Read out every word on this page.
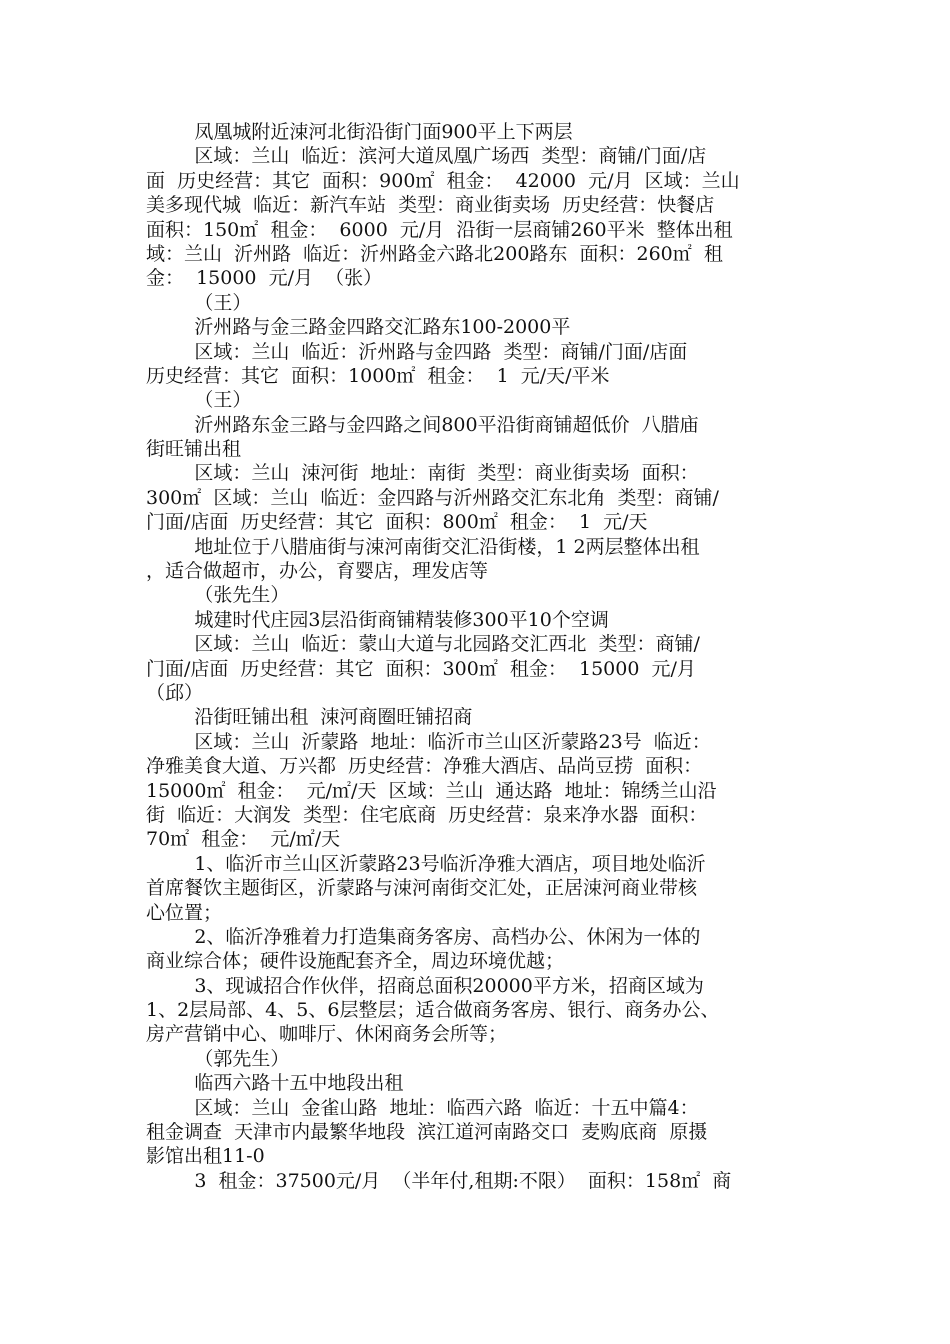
凤凰城附近涑河北街沿街门面900平上下两层
区域：兰山  临近：滨河大道凤凰广场西  类型：商铺/门面/店
面  历史经营：其它  面积：900㎡  租金：  42000  元/月  区域：兰山
美多现代城  临近：新汽车站  类型：商业街卖场  历史经营：快餐店
面积：150㎡  租金：  6000  元/月  沿街一层商铺260平米  整体出租
域：兰山  沂州路  临近：沂州路金六路北200路东  面积：260㎡  租
金：  15000  元/月  （张）
（王）
沂州路与金三路金四路交汇路东100-2000平
区域：兰山  临近：沂州路与金四路  类型：商铺/门面/店面
历史经营：其它  面积：1000㎡  租金：  1  元/天/平米
（王）
沂州路东金三路与金四路之间800平沿街商铺超低价  八腊庙
街旺铺出租
区域：兰山  涑河街  地址：南街  类型：商业街卖场  面积：
300㎡  区域：兰山  临近：金四路与沂州路交汇东北角  类型：商铺/
门面/店面  历史经营：其它  面积：800㎡  租金：  1  元/天
地址位于八腊庙街与涑河南街交汇沿街楼，1 2两层整体出租
，适合做超市，办公，育婴店，理发店等
（张先生）
城建时代庄园3层沿街商铺精装修300平10个空调
区域：兰山  临近：蒙山大道与北园路交汇西北  类型：商铺/
门面/店面  历史经营：其它  面积：300㎡  租金：  15000  元/月
（邱）
沿街旺铺出租  涑河商圈旺铺招商
区域：兰山  沂蒙路  地址：临沂市兰山区沂蒙路23号  临近：
净雅美食大道、万兴都  历史经营：净雅大酒店、品尚豆捞  面积：
15000㎡  租金：  元/㎡/天  区域：兰山  通达路  地址：锦绣兰山沿
街  临近：大润发  类型：住宅底商  历史经营：泉来净水器  面积：
70㎡  租金：  元/㎡/天
1、临沂市兰山区沂蒙路23号临沂净雅大酒店，项目地处临沂
首席餐饮主题街区，沂蒙路与涑河南街交汇处，正居涑河商业带核
心位置；
2、临沂净雅着力打造集商务客房、高档办公、休闲为一体的
商业综合体；硬件设施配套齐全，周边环境优越；
3、现诚招合作伙伴，招商总面积20000平方米，招商区域为
1、2层局部、4、5、6层整层；适合做商务客房、银行、商务办公、
房产营销中心、咖啡厅、休闲商务会所等；
（郭先生）
临西六路十五中地段出租
区域：兰山  金雀山路  地址：临西六路  临近：十五中篇4：
租金调查  天津市内最繁华地段  滨江道河南路交口  麦购底商  原摄
影馆出租11-0
3  租金：37500元/月  （半年付,租期:不限）  面积：158㎡  商
